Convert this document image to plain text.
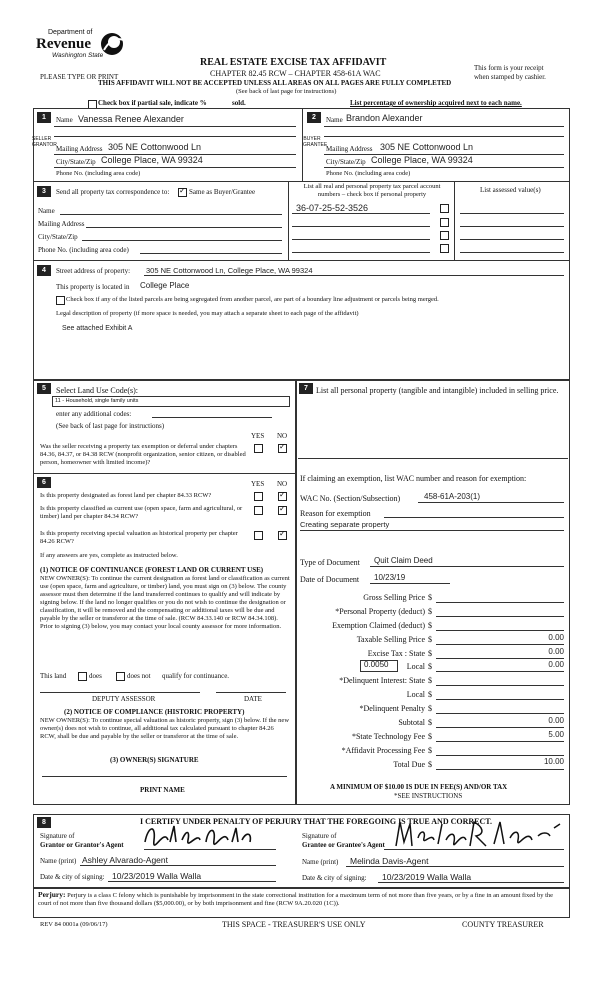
Department of
Revenue
Washington State
REAL ESTATE EXCISE TAX AFFIDAVIT
CHAPTER 82.45 RCW – CHAPTER 458-61A WAC
THIS AFFIDAVIT WILL NOT BE ACCEPTED UNLESS ALL AREAS ON ALL PAGES ARE FULLY COMPLETED
(See back of last page for instructions)
PLEASE TYPE OR PRINT
This form is your receipt
when stamped by cashier.
Check box if partial sale, indicate %	sold.	List percentage of ownership acquired next to each name.
1
SELLER GRANTOR
Name Vanessa Renee Alexander
Mailing Address 305 NE Cottonwood Ln
City/State/Zip College Place, WA 99324
Phone No. (including area code)
2
BUYER GRANTEE
Name Brandon Alexander
Mailing Address 305 NE Cottonwood Ln
City/State/Zip College Place, WA 99324
Phone No. (including area code)
3	Send all property tax correspondence to:
✓	Same as Buyer/Grantee
Name
Mailing Address
City/State/Zip
Phone No. (including area code)
List all real and personal property tax parcel account numbers – check box if personal property
List assessed value(s)
36-07-25-52-3526
4	Street address of property: 305 NE Cottonwood Ln, College Place, WA 99324
This property is located in College Place
Check box if any of the listed parcels are being segregated from another parcel, are part of a boundary line adjustment or parcels being merged.
Legal description of property (if more space is needed, you may attach a separate sheet to each page of the affidavit)
See attached Exhibit A
5	Select Land Use Code(s):
11 - Household, single family units
enter any additional codes:
(See back of last page for instructions)
YES NO
Was the seller receiving a property tax exemption or deferral under chapters 84.36, 84.37, or 84.38 RCW (nonprofit organization, senior citizen, or disabled person, homeowner with limited income)?
✓
6	YES NO
Is this property designated as forest land per chapter 84.33 RCW?
✓
Is this property classified as current use (open space, farm and agricultural, or timber) land per chapter 84.34 RCW?
✓
Is this property receiving special valuation as historical property per chapter 84.26 RCW?
✓
If any answers are yes, complete as instructed below.
(1) NOTICE OF CONTINUANCE (FOREST LAND OR CURRENT USE)
NEW OWNER(S): To continue the current designation as forest land or classification as current use (open space, farm and agriculture, or timber) land, you must sign on (3) below. The county assessor must then determine if the land transferred continues to qualify and will indicate by signing below. If the land no longer qualifies or you do not wish to continue the designation or classification, it will be removed and the compensating or additional taxes will be due and payable by the seller or transferor at the time of sale. (RCW 84.33.140 or RCW 84.34.108). Prior to signing (3) below, you may contact your local county assessor for more information.
This land	does	does not qualify for continuance.
DEPUTY ASSESSOR	DATE
(2) NOTICE OF COMPLIANCE (HISTORIC PROPERTY)
NEW OWNER(S): To continue special valuation as historic property, sign (3) below. If the new owner(s) does not wish to continue, all additional tax calculated pursuant to chapter 84.26 RCW, shall be due and payable by the seller or transferor at the time of sale.
(3) OWNER(S) SIGNATURE
PRINT NAME
7	List all personal property (tangible and intangible) included in selling price.
If claiming an exemption, list WAC number and reason for exemption:
WAC No. (Section/Subsection)	458-61A-203(1)
Reason for exemption
Creating separate property
Type of Document Quit Claim Deed
Date of Document 10/23/19
Gross Selling Price $
*Personal Property (deduct) $
Exemption Claimed (deduct) $
Taxable Selling Price $	0.00
Excise Tax : State $	0.00
0.0050 Local $	0.00
*Delinquent Interest: State $
Local $
*Delinquent Penalty $
Subtotal $	0.00
*State Technology Fee $	5.00
*Affidavit Processing Fee $
Total Due $	10.00
A MINIMUM OF $10.00 IS DUE IN FEE(S) AND/OR TAX
*SEE INSTRUCTIONS
8	I CERTIFY UNDER PENALTY OF PERJURY THAT THE FOREGOING IS TRUE AND CORRECT.
Signature of
Grantor or Grantor's Agent
Name (print) Ashley Alvarado-Agent
Date & city of signing: 10/23/2019 Walla Walla
Signature of
Grantee or Grantee's Agent
Name (print) Melinda Davis-Agent
Date & city of signing: 10/23/2019 Walla Walla
Perjury: Perjury is a class C felony which is punishable by imprisonment in the state correctional institution for a maximum term of not more than five years, or by a fine in an amount fixed by the court of not more than five thousand dollars ($5,000.00), or by both imprisonment and fine (RCW 9A.20.020 (1C)).
REV 84 0001a (09/06/17)	THIS SPACE - TREASURER'S USE ONLY	COUNTY TREASURER
